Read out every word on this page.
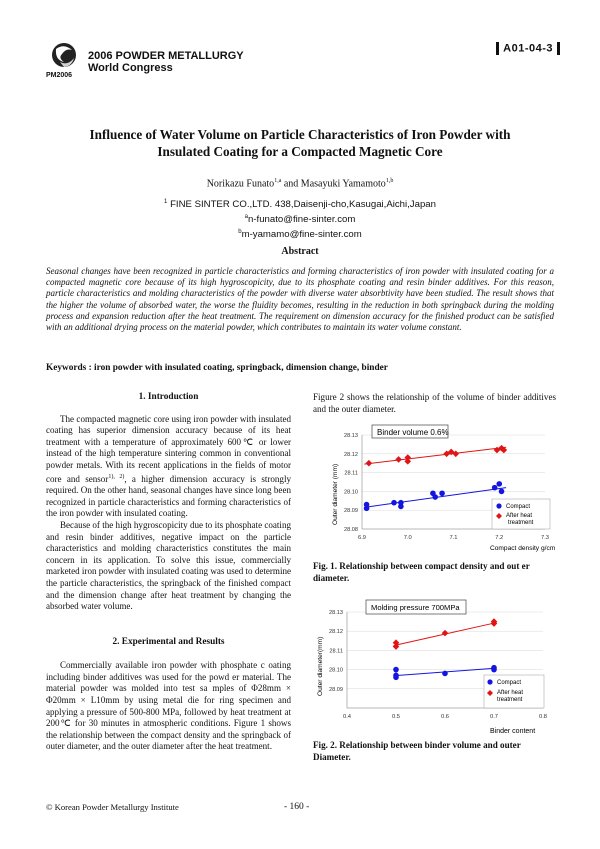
PM2006
2006 POWDER METALLURGY
World Congress
A01-04-3
Influence of Water Volume on Particle Characteristics of Iron Powder with
Insulated Coating for a Compacted Magnetic Core
Norikazu Funato$^{1,a}$ and Masayuki Yamamoto$^{1,b}$
$^1$ FINE SINTER CO.,LTD. 438,Daisenji-cho,Kasugai,Aichi,Japan
$^a$n-funato@fine-sinter.com
$^b$m-yamamo@fine-sinter.com
Abstract
Seasonal changes have been recognized in particle characteristics and forming characteristics of iron powder with insulated coating for a compacted magnetic core because of its high hygroscopicity, due to its phosphate coating and resin binder additives. For this reason, particle characteristics and molding characteristics of the powder with diverse water absorbtivity have been studied. The result shows that the higher the volume of absorbed water, the worse the fluidity becomes, resulting in the reduction in both springback during the molding process and expansion reduction after the heat treatment. The requirement on dimension accuracy for the finished product can be satisfied with an additional drying process on the material powder, which contributes to maintain its water volume constant.
Keywords : iron powder with insulated coating, springback, dimension change, binder
1. Introduction

The compacted magnetic core using iron powder with insulated coating has superior dimension accuracy because of its heat treatment with a temperature of approximately 600℃ or lower instead of the high temperature sintering common in conventional powder metals. With its recent applications in the fields of motor core and sensor$^{1), 2)}$, a higher dimension accuracy is strongly required. On the other hand, seasonal changes have since long been recognized in particle characteristics and forming characteristics of the iron powder with insulated coating.

Because of the high hygroscopicity due to its phosphate coating and resin binder additives, negative impact on the particle characteristics and molding characteristics constitutes the main concern in its application. To solve this issue, commercially marketed iron powder with insulated coating was used to determine the particle characteristics, the springback of the finished compact and the dimension change after heat treatment by changing the absorbed water volume.

2. Experimental and Results

Commercially available iron powder with phosphate c oating including binder additives was used for the powd er material. The material powder was molded into test sa mples of Φ28mm × Φ20mm × L10mm by using metal die for ring specimen and applying a pressure of 500-800 MPa, followed by heat treatment at 200℃ for 30 minutes in atmospheric conditions. Figure 1 shows the relationship between the compact density and the springback of outer diameter, and the outer diameter after the heat treatment.

Figure 2 shows the relationship of the volume of binder additives and the outer diameter.
28.08
28.09
28.10
28.11
28.12
28.13
6.9	7.0	7.1	7.2	7.3
Binder volume 0.6%
Outer diameter (mm)
Compact density g/cm³
Compact
After heat treatment
Fig. 1. Relationship between compact density and out er diameter.
28.09
28.10
28.11
28.12
28.13
0.4	0.5	0.6	0.7	0.8
Molding pressure 700MPa
Outer diameter(mm)
Binder content
Compact
After heat treatment
Fig. 2. Relationship between binder volume and outer Diameter.
© Korean Powder Metallurgy Institute	- 160 -
